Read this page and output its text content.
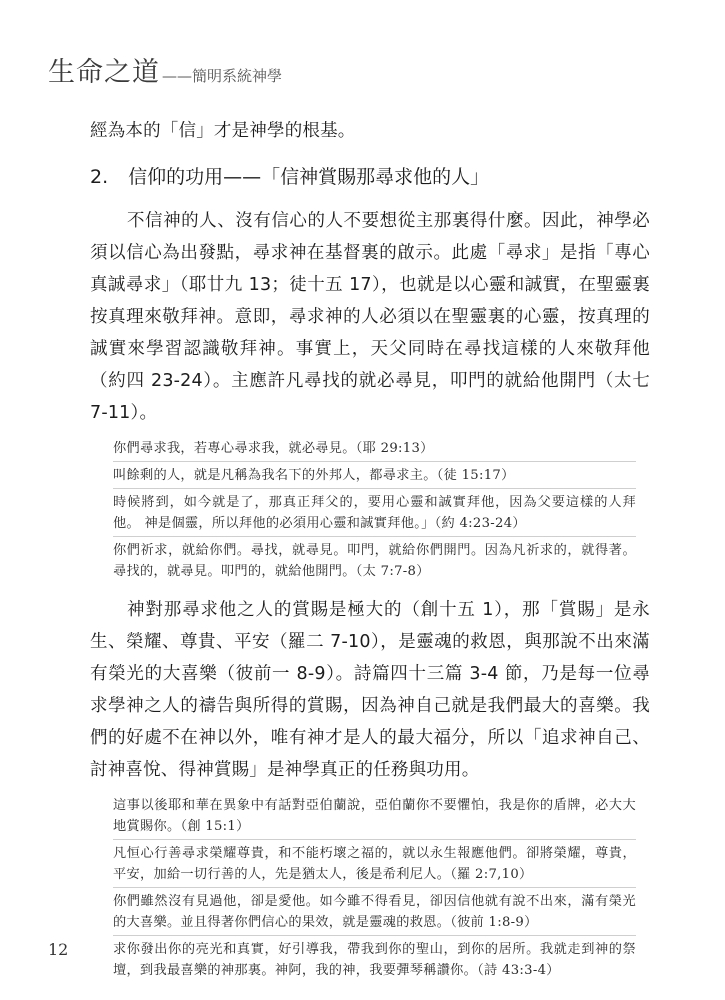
生命之道 ——簡明系統神學

經為本的「信」才是神學的根基。

2. 信仰的功用——「信神賞賜那尋求他的人」

不信神的人、沒有信心的人不要想從主那裏得什麼。因此，神學必須以信心為出發點，尋求神在基督裏的啟示。此處「尋求」是指「專心真誠尋求」（耶廿九 13；徒十五 17），也就是以心靈和誠實，在聖靈裏按真理來敬拜神。意即，尋求神的人必須以在聖靈裏的心靈，按真理的誠實來學習認識敬拜神。事實上，天父同時在尋找這樣的人來敬拜他（約四 23-24）。主應許凡尋找的就必尋見，叩門的就給他開門（太七 7-11）。

你們尋求我，若專心尋求我，就必尋見。（耶 29:13）
叫餘剩的人，就是凡稱為我名下的外邦人，都尋求主。（徒 15:17）
時候將到，如今就是了，那真正拜父的，要用心靈和誠實拜他，因為父要這樣的人拜他。 神是個靈，所以拜他的必須用心靈和誠實拜他。」（約 4:23-24）
你們祈求，就給你們。尋找，就尋見。叩門，就給你們開門。因為凡祈求的，就得著。尋找的，就尋見。叩門的，就給他開門。（太 7:7-8）

神對那尋求他之人的賞賜是極大的（創十五 1），那「賞賜」是永生、榮耀、尊貴、平安（羅二 7-10），是靈魂的救恩，與那說不出來滿有榮光的大喜樂（彼前一 8-9）。詩篇四十三篇 3-4 節，乃是每一位尋求學神之人的禱告與所得的賞賜，因為神自己就是我們最大的喜樂。我們的好處不在神以外，唯有神才是人的最大福分，所以「追求神自己、討神喜悅、得神賞賜」是神學真正的任務與功用。

這事以後耶和華在異象中有話對亞伯蘭說，亞伯蘭你不要懼怕，我是你的盾牌，必大大地賞賜你。（創 15:1）
凡恒心行善尋求榮耀尊貴，和不能朽壞之福的，就以永生報應他們。卻將榮耀，尊貴，平安，加給一切行善的人，先是猶太人，後是希利尼人。（羅 2:7,10）
你們雖然沒有見過他，卻是愛他。如今雖不得看見，卻因信他就有說不出來，滿有榮光的大喜樂。並且得著你們信心的果效，就是靈魂的救恩。（彼前 1:8-9）
求你發出你的亮光和真實，好引導我，帶我到你的聖山，到你的居所。我就走到神的祭壇，到我最喜樂的神那裏。神阿，我的神，我要彈琴稱讚你。（詩 43:3-4）
12
